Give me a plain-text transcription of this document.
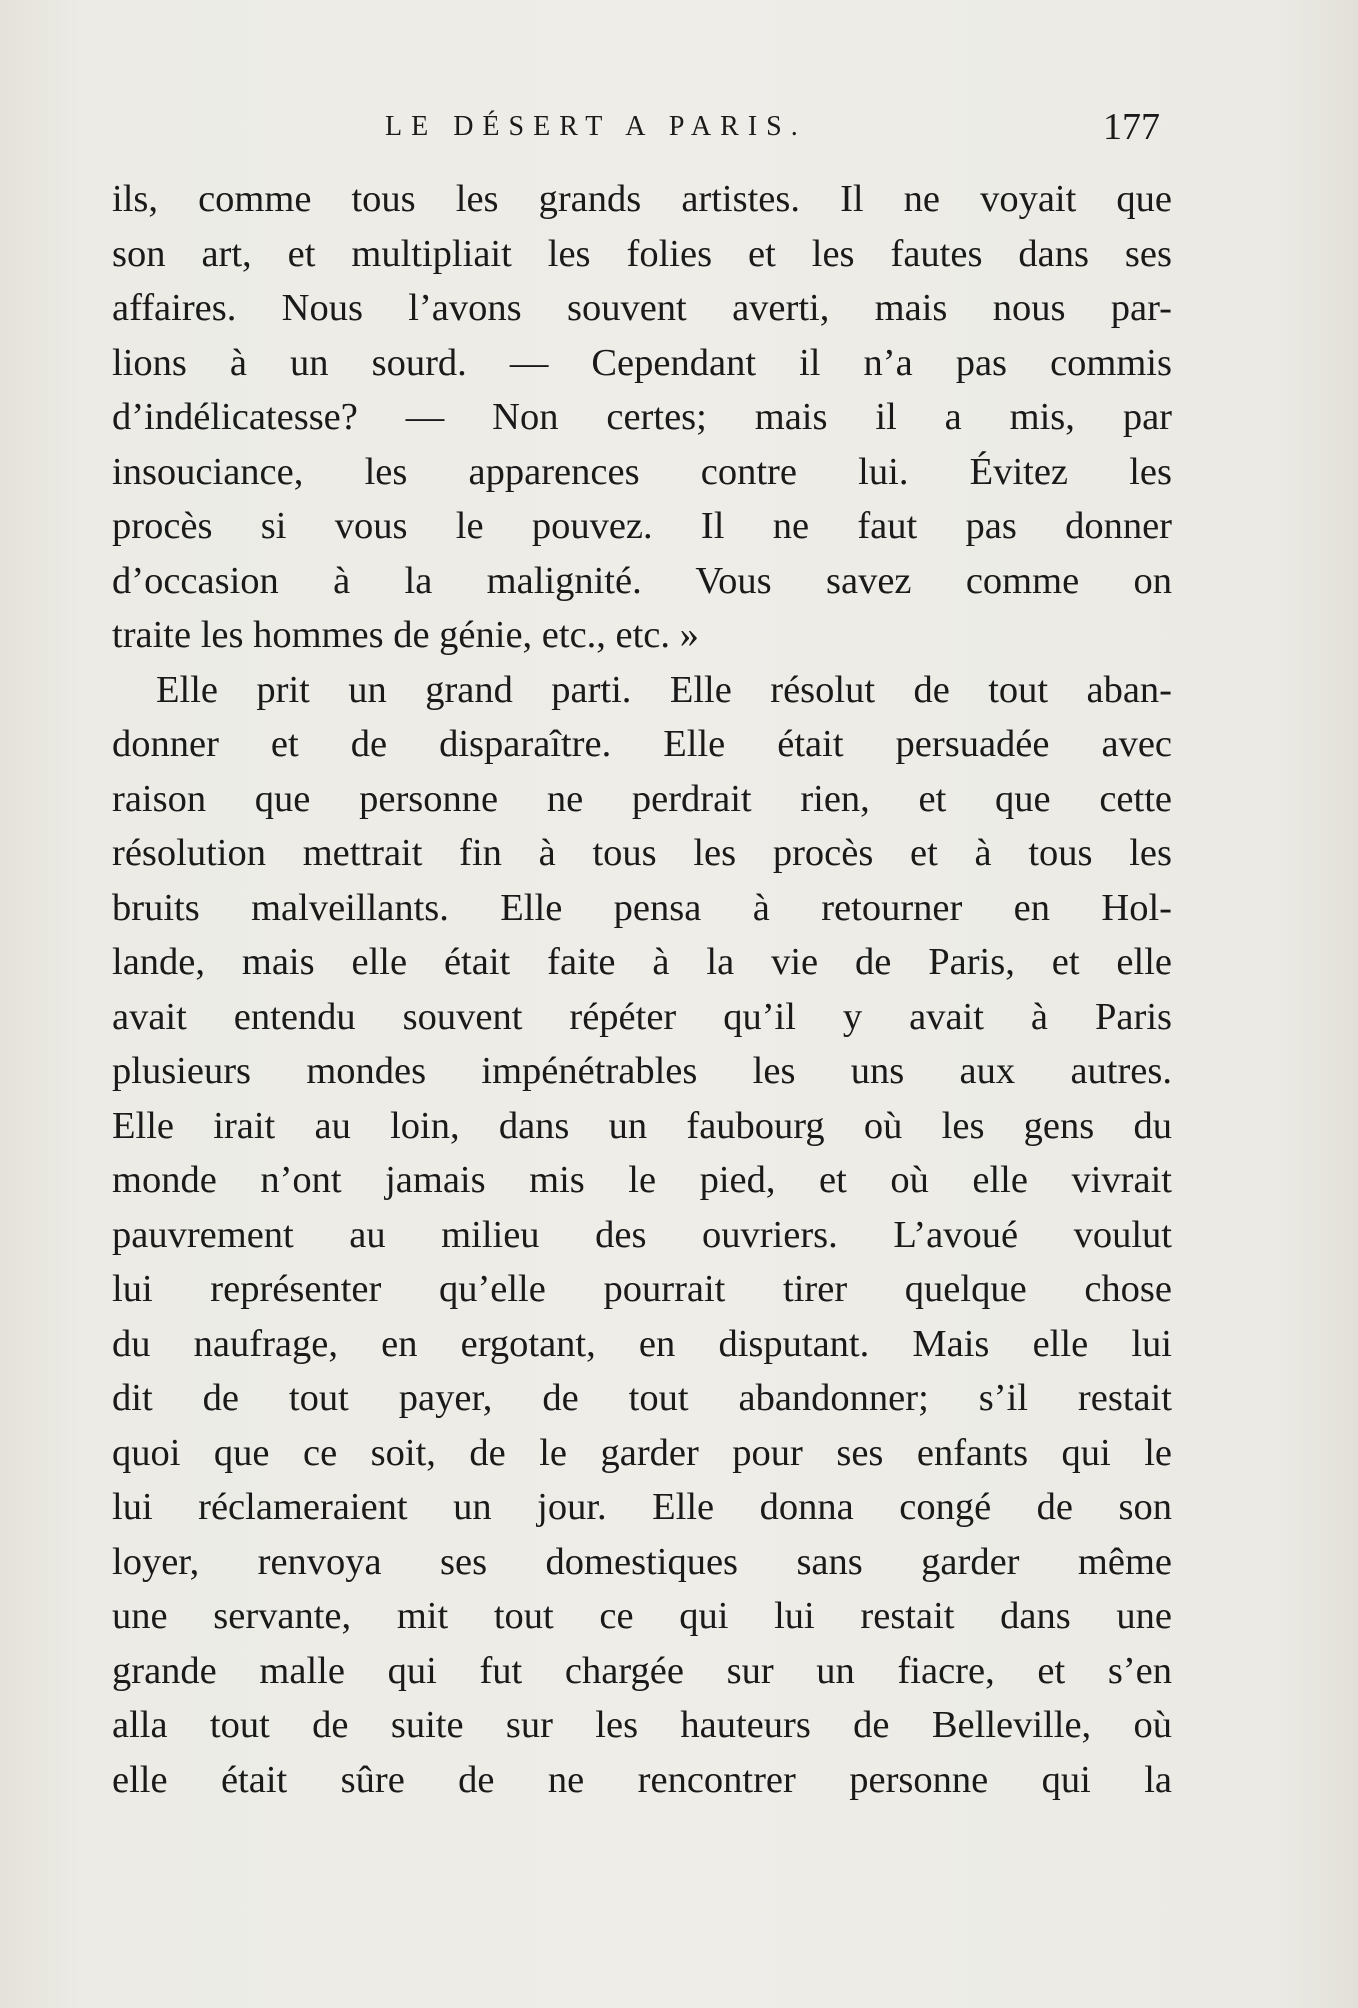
LE DÉSERT A PARIS.	177
ils, comme tous les grands artistes. Il ne voyait que
son art, et multipliait les folies et les fautes dans ses
affaires. Nous l’avons souvent averti, mais nous par-
lions à un sourd. — Cependant il n’a pas commis
d’indélicatesse? — Non certes; mais il a mis, par
insouciance, les apparences contre lui. Évitez les
procès si vous le pouvez. Il ne faut pas donner
d’occasion à la malignité. Vous savez comme on
traite les hommes de génie, etc., etc. »
Elle prit un grand parti. Elle résolut de tout aban-
donner et de disparaître. Elle était persuadée avec
raison que personne ne perdrait rien, et que cette
résolution mettrait fin à tous les procès et à tous les
bruits malveillants. Elle pensa à retourner en Hol-
lande, mais elle était faite à la vie de Paris, et elle
avait entendu souvent répéter qu’il y avait à Paris
plusieurs mondes impénétrables les uns aux autres.
Elle irait au loin, dans un faubourg où les gens du
monde n’ont jamais mis le pied, et où elle vivrait
pauvrement au milieu des ouvriers. L’avoué voulut
lui représenter qu’elle pourrait tirer quelque chose
du naufrage, en ergotant, en disputant. Mais elle lui
dit de tout payer, de tout abandonner; s’il restait
quoi que ce soit, de le garder pour ses enfants qui le
lui réclameraient un jour. Elle donna congé de son
loyer, renvoya ses domestiques sans garder même
une servante, mit tout ce qui lui restait dans une
grande malle qui fut chargée sur un fiacre, et s’en
alla tout de suite sur les hauteurs de Belleville, où
elle était sûre de ne rencontrer personne qui la
